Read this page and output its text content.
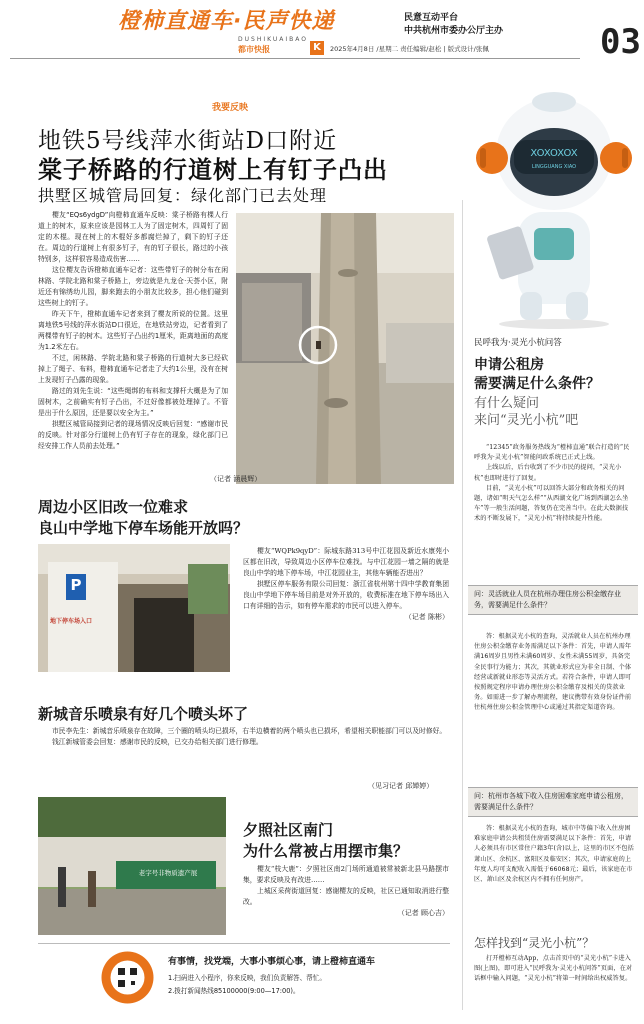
橙柿直通车·民声快递
DUSHIKUAIBAO
都市快报
民意互动平台
中共杭州市委办公厅主办
K	2025年4月8日 /星期二 责任编辑/赵松 | 版式设计/张佩	03
我要反映
地铁5号线萍水街站D口附近
棠子桥路的行道树上有钉子凸出
拱墅区城管局回复：绿化部门已去处理
樱友“EQs6ydgD”向橙柿直通车反映：棠子桥路有棵人行道上的树木，原来应该是园林工人为了固定树木，四周钉了固定的木棍。现在树上的木棍好多都腐烂掉了，剩下的钉子还在。周边的行道树上有很多钉子，有的钉子很长，路过的小孩特别多，这样很容易造成伤害……
这位樱友告诉橙柿直通车记者：这些带钉子的树分布在闲林路、学院北路和棠子桥路上，旁边就是九龙仓·天荟小区，附近还有锦绣幼儿园，脚来跑去的小朋友比较多，担心他们碰到这些树上的钉子。
昨天下午，橙柿直通车记者来到了樱友所说的位置。这里离地铁5号线的萍水街站D口很近，在地铁站旁边，记者看到了两棵带有钉子的树木。这些钉子凸出约1厘米，距离地面的高度为1.2米左右。
不过，闲林路、学院北路和棠子桥路的行道树大多已经砍掉上了绳子、布料，橙柿直通车记者走了大约1公里，没有在树上发现钉子凸露的现象。
路过的刘先生说：“这些绳绑的布料和支撑杆大概是为了加固树木，之前确实有钉子凸出，不过好像都被处理掉了。不管是出于什么原因，还是要以安全为主。”
拱墅区城管局接到记者的现场情况反映后回复：“感谢市民的反映。针对部分行道树上仍有钉子存在的现象，绿化部门已经安排工作人员前去处理。”
（记者 涵晨辉）
周边小区旧改一位难求
良山中学地下停车场能开放吗？
P
地下停车场入口
樱友“WQPk9qyD”：际城东路313号中江花园及新近水康苑小区都在旧改，导致周边小区停车位难找。与中江花园一墙之隔的就是良山中学的地下停车场，中江花园业主，其他车辆能否进出？
拱墅区停车服务有限公司回复：浙江省杭州第十四中学教育集团良山中学地下停车场目前是对外开放的，收费标准在地下停车场出入口有详细的告示，如有停车需求的市民可以进入停车。
（记者 陈彬）
新城音乐喷泉有好几个喷头坏了
市民李先生：新城音乐喷泉存在故障，三个圈的喷头均已损坏，右半边横着的两个喷头也已损坏，希望相关职能部门可以及时修好。
钱江新城管委会回复：感谢市民的反映，已交办给相关部门进行修理。
（见习记者 邱婵婷）
老字号非物质遗产展
夕照社区南门
为什么常被占用摆市集？
樱友“枝大鹿”：夕照社区南2门场所通道被常被新北县马路摆市集，要求反映及有改进……
上城区采荷街道回复：感谢樱友的反映，社区已通知取消进行整改。
（记者 顾心吉）
有事情，找党端，大事小事烦心事，请上橙柿直通车
1.扫码进入小程序，你来反映，我们负责解答、帮忙。
2.拨打新闻热线85100000(9:00—17:00)。
XOXOXOX
LINGGUANG XIAO
民呼我为·灵光小杭问答
申请公租房
需要满足什么条件？
有什么疑问
来问“灵光小杭”吧
“12345”政务服务热线为“橙柿直通”联合打造的“民呼我为·灵光小杭”智能问政系统已正式上线。
上线以后，后台收到了不少市民的提问，“灵光小杭”也即时进行了回复。
目前，“灵光小杭”可以回答大部分和政务相关的问题，诸如“明天气怎么样”“从西湖文化广场到西湖怎么坐车”等一般生活问题，答复仍在完善当中。在此大数据技术的不断发展下，“灵光小杭”将持续提升性能。
问：灵活就业人员在杭州办理住房公积金缴存业务，需要满足什么条件？
答：根据灵光小杭的查询，灵活就业人员在杭州办理住房公积金缴存业务需满足以下条件：首先，申请人需年满16周岁且男性未满60周岁、女性未满55周岁，具备完全民事行为能力；其次，其就业形式应为非全日制、个体经营或新就业形态等灵活方式。若符合条件，申请人即可按照规定程序申请办理住房公积金缴存及相关的贷款业务。如需进一步了解办理流程，建议携带有效身份证件前往杭州住房公积金管理中心或通过其指定渠道咨询。
问：杭州市各城下收入住房困难家庭申请公租房，需要满足什么条件？
答：根据灵光小杭的查询，城市中等偏下收入住房困难家庭申请公共租赁住房需要满足以下条件：首先，申请人必须具有市区常住户籍3年(含)以上，这里的市区不包括萧山区、余杭区、富阳区及临安区；其次，申请家庭的上年度人均可支配收入需低于66068元；最后，该家庭在市区、萧山区及余杭区内不拥有任何房产。
怎样找到“灵光小杭”？
打开橙柿互动App，点击首页中的“灵光小杭”卡进入图(上图)，即可进入“民呼我为·灵光小杭问答”页面，在对话框中输入问题，“灵光小杭”将第一时间给出权威答复。
